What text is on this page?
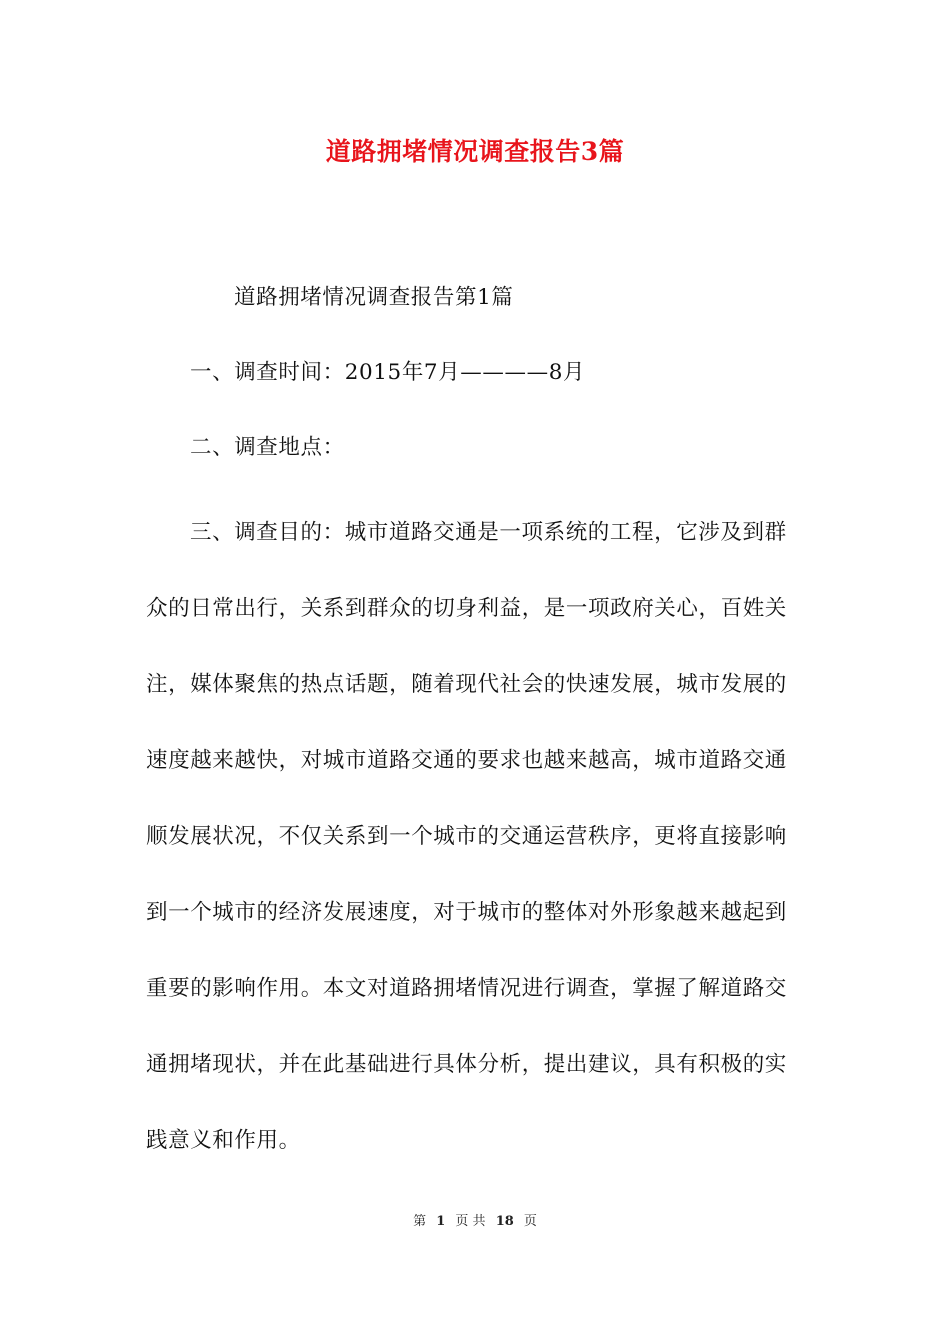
道路拥堵情况调查报告3篇
道路拥堵情况调查报告第1篇
一、调查时间：2015年7月————8月
二、调查地点：
三、调查目的：城市道路交通是一项系统的工程，它涉及到群
众的日常出行，关系到群众的切身利益，是一项政府关心，百姓关
注，媒体聚焦的热点话题，随着现代社会的快速发展，城市发展的
速度越来越快，对城市道路交通的要求也越来越高，城市道路交通
顺发展状况，不仅关系到一个城市的交通运营秩序，更将直接影响
到一个城市的经济发展速度，对于城市的整体对外形象越来越起到
重要的影响作用。本文对道路拥堵情况进行调查，掌握了解道路交
通拥堵现状，并在此基础进行具体分析，提出建议，具有积极的实
践意义和作用。
第 1 页 共 18 页
